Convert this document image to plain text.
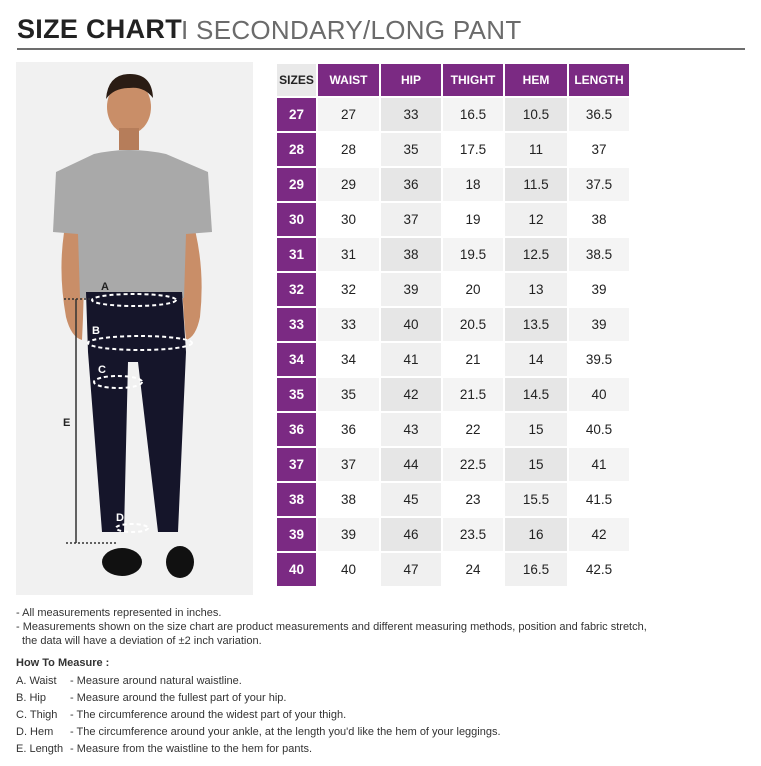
SIZE CHART I SECONDARY/LONG PANT
A
B
C
D
E
SIZES	WAIST	HIP	THIGHT	HEM	LENGTH
27	27	33	16.5	10.5	36.5
28	28	35	17.5	11	37
29	29	36	18	11.5	37.5
30	30	37	19	12	38
31	31	38	19.5	12.5	38.5
32	32	39	20	13	39
33	33	40	20.5	13.5	39
34	34	41	21	14	39.5
35	35	42	21.5	14.5	40
36	36	43	22	15	40.5
37	37	44	22.5	15	41
38	38	45	23	15.5	41.5
39	39	46	23.5	16	42
40	40	47	24	16.5	42.5

- All measurements represented in inches.

- Measurements shown on the size chart are product measurements and different measuring methods, position and fabric stretch,

the data will have a deviation of ±2 inch variation.

How To Measure :
A. Waist - Measure around natural waistline.
B. Hip - Measure around the fullest part of your hip.
C. Thigh - The circumference around the widest part of your thigh.
D. Hem - The circumference around your ankle, at the length you'd like the hem of your leggings.
E. Length - Measure from the waistline to the hem for pants.
